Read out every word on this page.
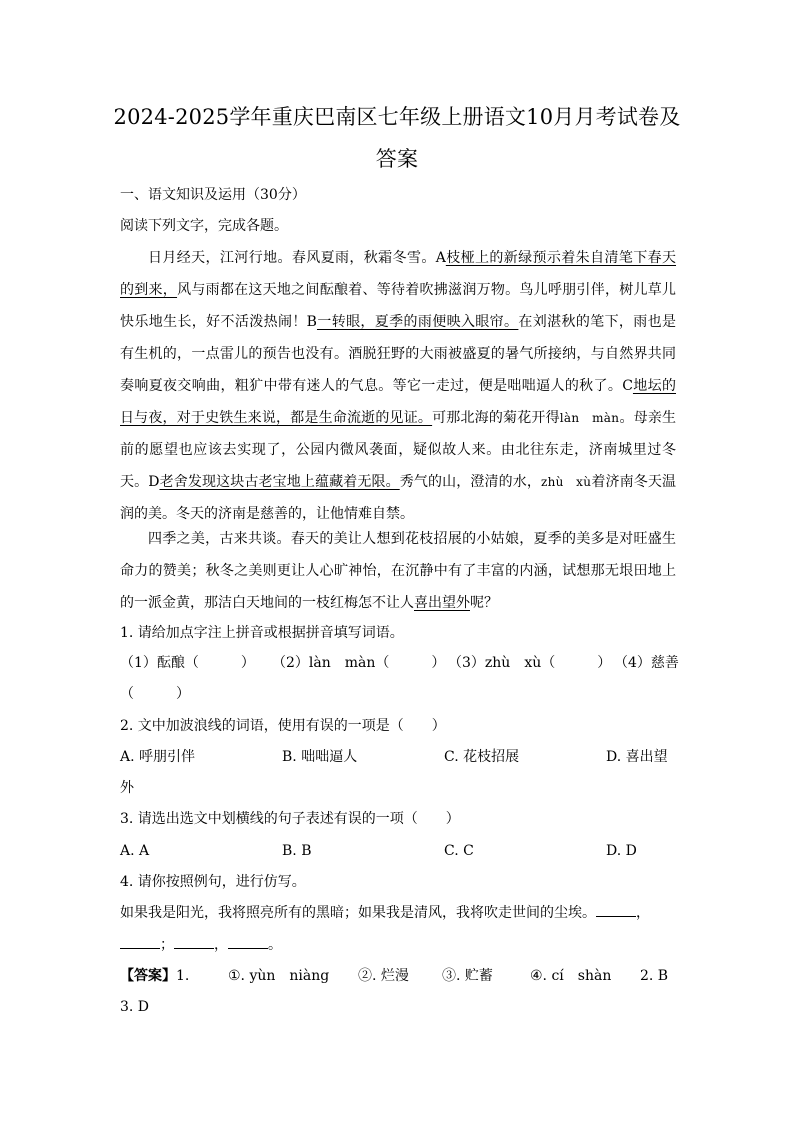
2024-2025学年重庆巴南区七年级上册语文10月月考试卷及
答案
一、语文知识及运用（30分）
阅读下列文字，完成各题。

日月经天，江河行地。春风夏雨，秋霜冬雪。A枝桠上的新绿预示着朱自清笔下春天的到来，风与雨都在这天地之间酝酿着、等待着吹拂滋润万物。鸟儿呼朋引伴，树儿草儿快乐地生长，好不活泼热闹！B一转眼，夏季的雨便映入眼帘。在刘湛秋的笔下，雨也是有生机的，一点雷儿的预告也没有。酒脱狂野的大雨被盛夏的暑气所接纳，与自然界共同奏响夏夜交响曲，粗犷中带有迷人的气息。等它一走过，便是咄咄逼人的秋了。C地坛的日与夜，对于史铁生来说，都是生命流逝的见证。可那北海的菊花开得làn　màn。母亲生前的愿望也应该去实现了，公园内微风袭面，疑似故人来。由北往东走，济南城里过冬天。D老舍发现这块古老宝地上蕴藏着无限。秀气的山，澄清的水，zhù　xù着济南冬天温润的美。冬天的济南是慈善的，让他情难自禁。

四季之美，古来共谈。春天的美让人想到花枝招展的小姑娘，夏季的美多是对旺盛生命力的赞美；秋冬之美则更让人心旷神怡，在沉静中有了丰富的内涵，试想那无垠田地上的一派金黄，那洁白天地间的一枝红梅怎不让人喜出望外呢？

1. 请给加点字注上拼音或根据拼音填写词语。
（1）酝酿（　　　） （2）làn　màn（　　　） （3）zhù　xù（　　　） （4）慈善
（　　　）
2. 文中加波浪线的词语，使用有误的一项是（　　）
A. 呼朋引伴	B. 咄咄逼人	C. 花枝招展	D. 喜出望
外
3. 请选出选文中划横线的句子表述有误的一项（　　）
A. A	B. B	C. C	D. D
4. 请你按照例句，进行仿写。
如果我是阳光，我将照亮所有的黑暗；如果我是清风，我将吹走世间的尘埃。	，
；	，	。
【答案】 1.	①. yùn　niàng ②. 烂漫 ③. 贮蓄	④. cí　shàn 2. B
3. D
